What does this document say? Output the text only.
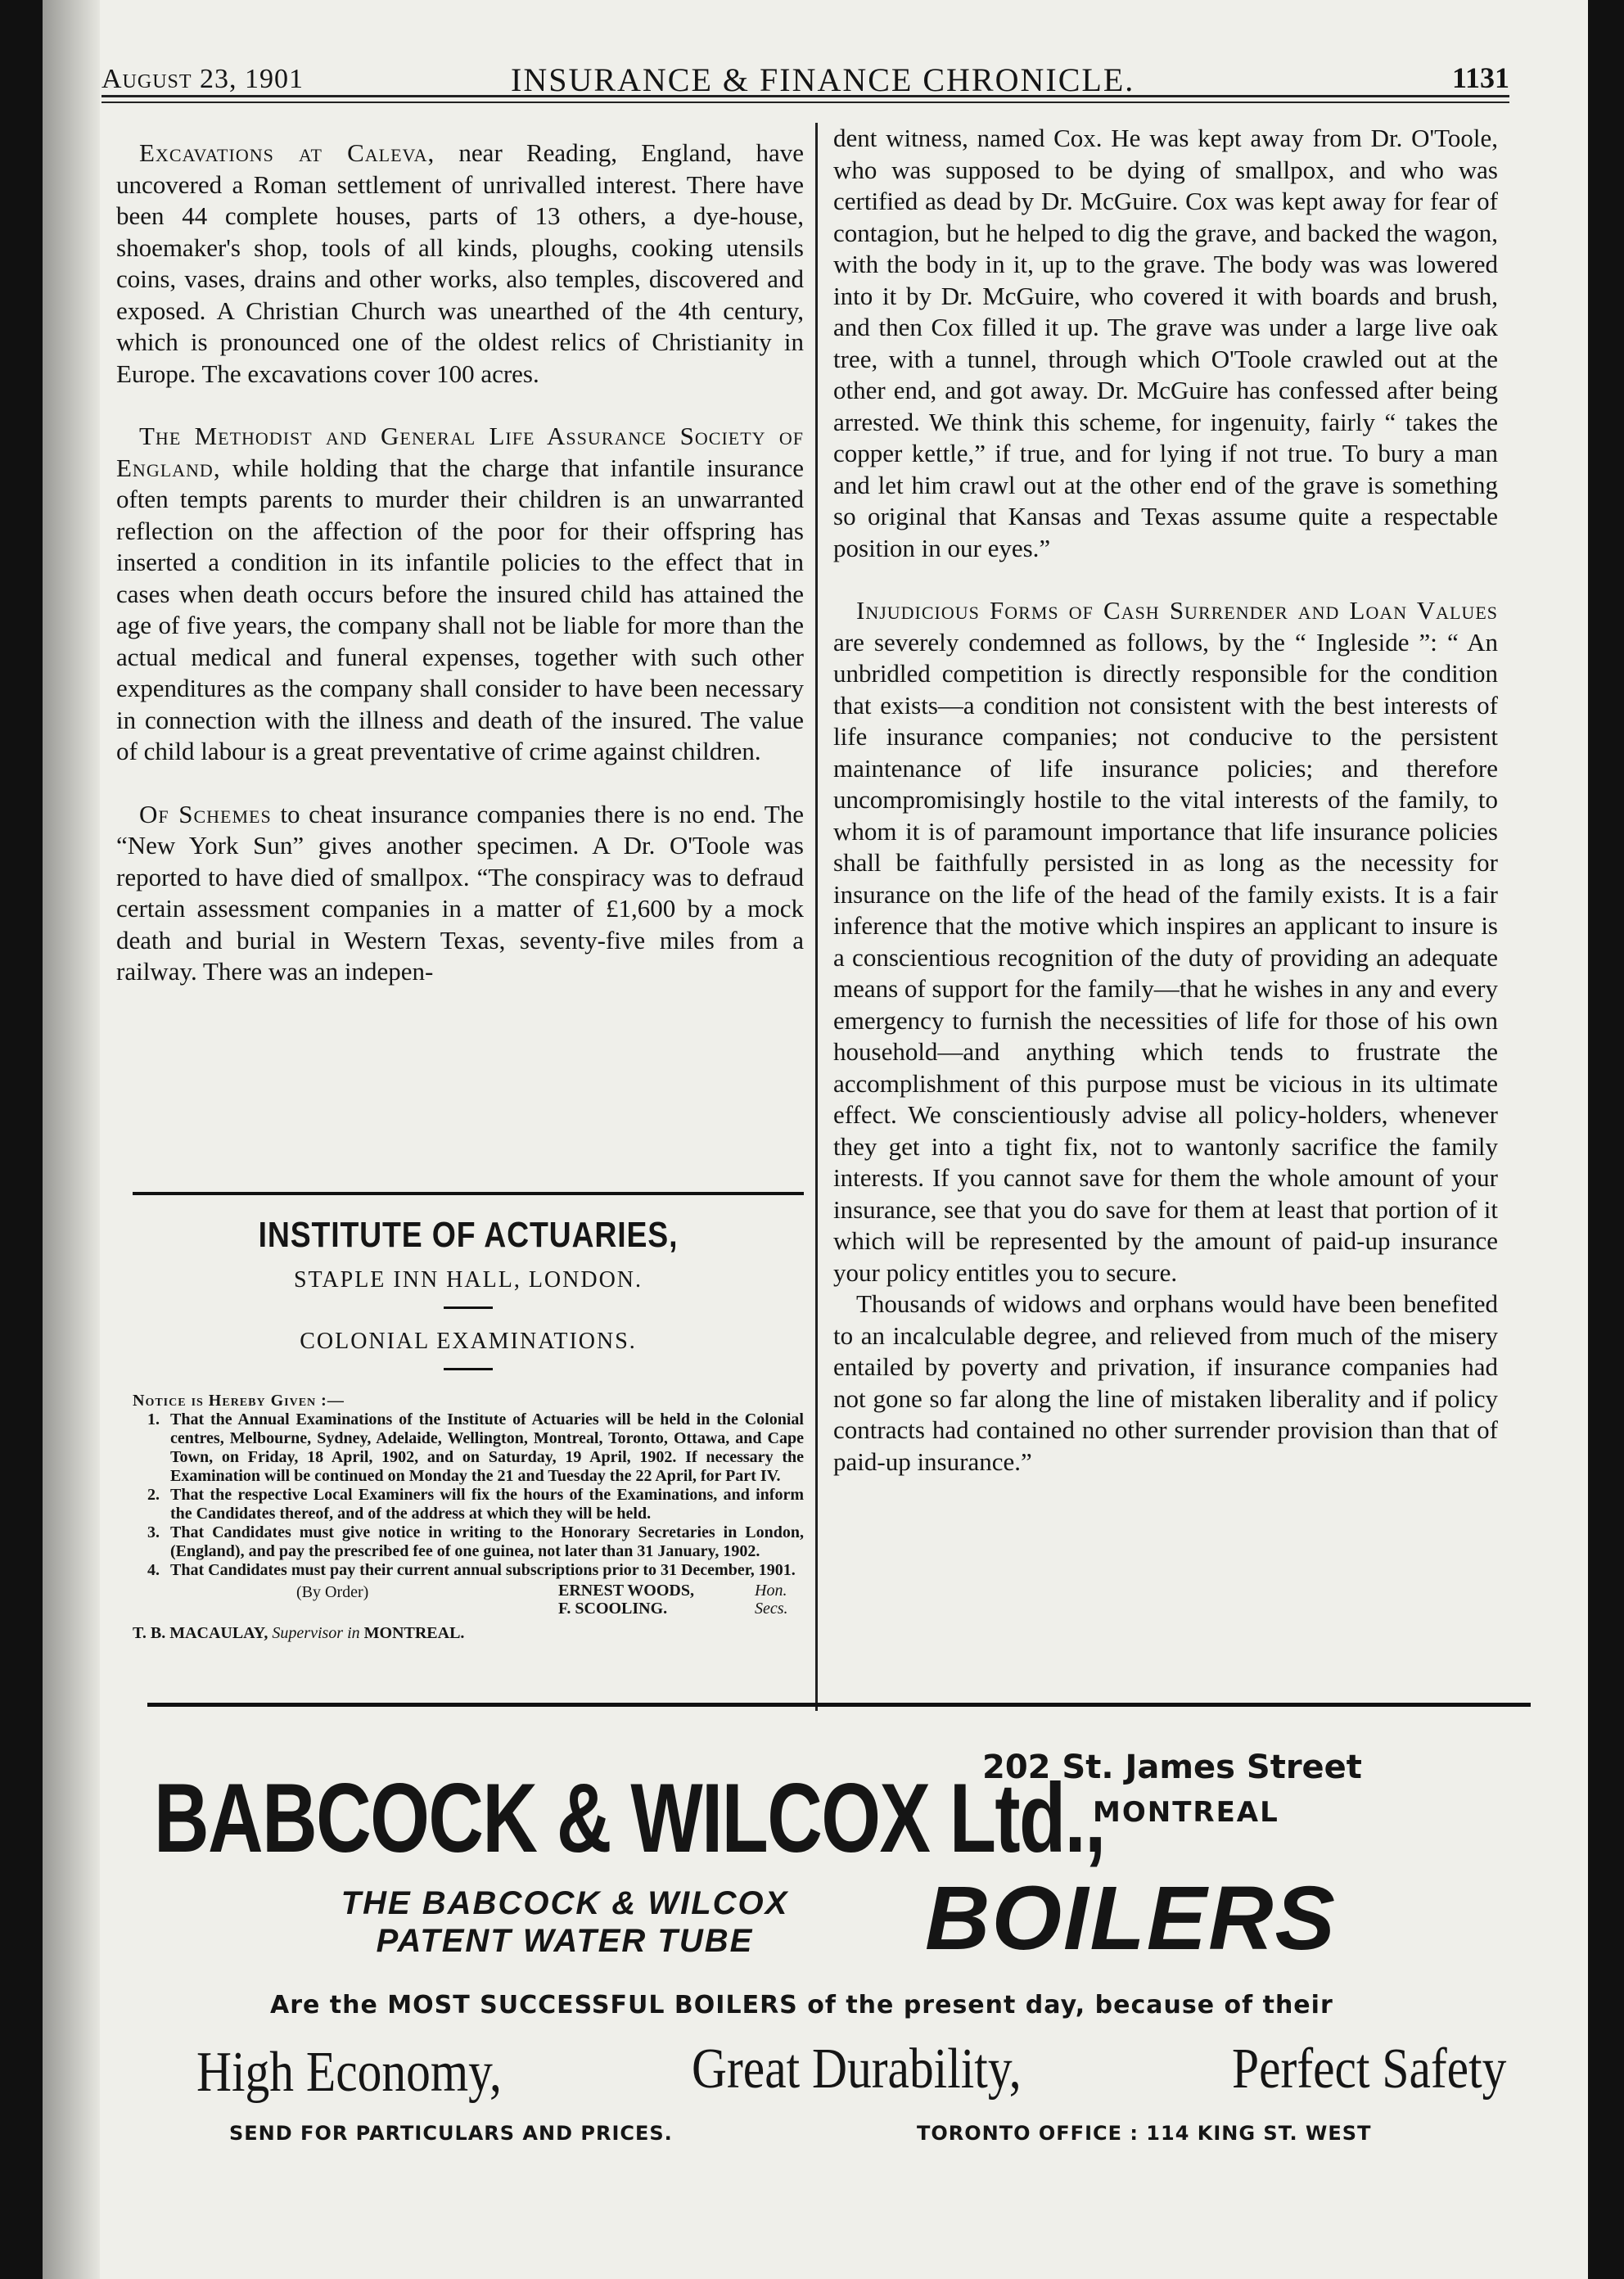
August 23, 1901	INSURANCE & FINANCE CHRONICLE.	1131

Excavations at Caleva, near Reading, England, have uncovered a Roman settlement of unrivalled interest. There have been 44 complete houses, parts of 13 others, a dye-house, shoemaker's shop, tools of all kinds, ploughs, cooking utensils coins, vases, drains and other works, also temples, discovered and exposed. A Christian Church was unearthed of the 4th century, which is pronounced one of the oldest relics of Christianity in Europe. The excavations cover 100 acres.

The Methodist and General Life Assurance Society of England, while holding that the charge that infantile insurance often tempts parents to murder their children is an unwarranted reflection on the affection of the poor for their offspring has inserted a condition in its infantile policies to the effect that in cases when death occurs before the insured child has attained the age of five years, the company shall not be liable for more than the actual medical and funeral expenses, together with such other expenditures as the company shall consider to have been necessary in connection with the illness and death of the insured. The value of child labour is a great preventative of crime against children.

Of Schemes to cheat insurance companies there is no end. The “New York Sun” gives another specimen. A Dr. O'Toole was reported to have died of smallpox. “The conspiracy was to defraud certain assessment companies in a matter of £1,600 by a mock death and burial in Western Texas, seventy-five miles from a railway. There was an indepen-

dent witness, named Cox. He was kept away from Dr. O'Toole, who was supposed to be dying of smallpox, and who was certified as dead by Dr. McGuire. Cox was kept away for fear of contagion, but he helped to dig the grave, and backed the wagon, with the body in it, up to the grave. The body was was lowered into it by Dr. McGuire, who covered it with boards and brush, and then Cox filled it up. The grave was under a large live oak tree, with a tunnel, through which O'Toole crawled out at the other end, and got away. Dr. McGuire has confessed after being arrested. We think this scheme, for ingenuity, fairly “ takes the copper kettle,” if true, and for lying if not true. To bury a man and let him crawl out at the other end of the grave is something so original that Kansas and Texas assume quite a respectable position in our eyes.”

Injudicious Forms of Cash Surrender and Loan Values are severely condemned as follows, by the “ Ingleside ”: “ An unbridled competition is directly responsible for the condition that exists—a condition not consistent with the best interests of life insurance companies; not conducive to the persistent maintenance of life insurance policies; and therefore uncompromisingly hostile to the vital interests of the family, to whom it is of paramount importance that life insurance policies shall be faithfully persisted in as long as the necessity for insurance on the life of the head of the family exists. It is a fair inference that the motive which inspires an applicant to insure is a conscientious recognition of the duty of providing an adequate means of support for the family—that he wishes in any and every emergency to furnish the necessities of life for those of his own household—and anything which tends to frustrate the accomplishment of this purpose must be vicious in its ultimate effect. We conscientiously advise all policy-holders, whenever they get into a tight fix, not to wantonly sacrifice the family interests. If you cannot save for them the whole amount of your insurance, see that you do save for them at least that portion of it which will be represented by the amount of paid-up insurance your policy entitles you to secure.

Thousands of widows and orphans would have been benefited to an incalculable degree, and relieved from much of the misery entailed by poverty and privation, if insurance companies had not gone so far along the line of mistaken liberality and if policy contracts had contained no other surrender provision than that of paid-up insurance.”

INSTITUTE OF ACTUARIES,
STAPLE INN HALL, LONDON.
COLONIAL EXAMINATIONS.
Notice is Hereby Given :—
1. That the Annual Examinations of the Institute of Actuaries will be held in the Colonial centres, Melbourne, Sydney, Adelaide, Wellington, Montreal, Toronto, Ottawa, and Cape Town, on Friday, 18 April, 1902, and on Saturday, 19 April, 1902. If necessary the Examination will be continued on Monday the 21 and Tuesday the 22 April, for Part IV.
2. That the respective Local Examiners will fix the hours of the Examinations, and inform the Candidates thereof, and of the address at which they will be held.
3. That Candidates must give notice in writing to the Honorary Secretaries in London, (England), and pay the prescribed fee of one guinea, not later than 31 January, 1902.
4. That Candidates must pay their current annual subscriptions prior to 31 December, 1901.
(By Order)	ERNEST WOODS,	Hon.
F. SCOOLING.	Secs.
T. B. MACAULAY, Supervisor in MONTREAL.
BABCOCK & WILCOX Ltd.,
202 St. James Street
MONTREAL
THE BABCOCK & WILCOX
PATENT WATER TUBE	BOILERS
Are the MOST SUCCESSFUL BOILERS of the present day, because of their
High Economy,	Great Durability,	Perfect Safety
SEND FOR PARTICULARS AND PRICES.	TORONTO OFFICE : 114 KING ST. WEST
